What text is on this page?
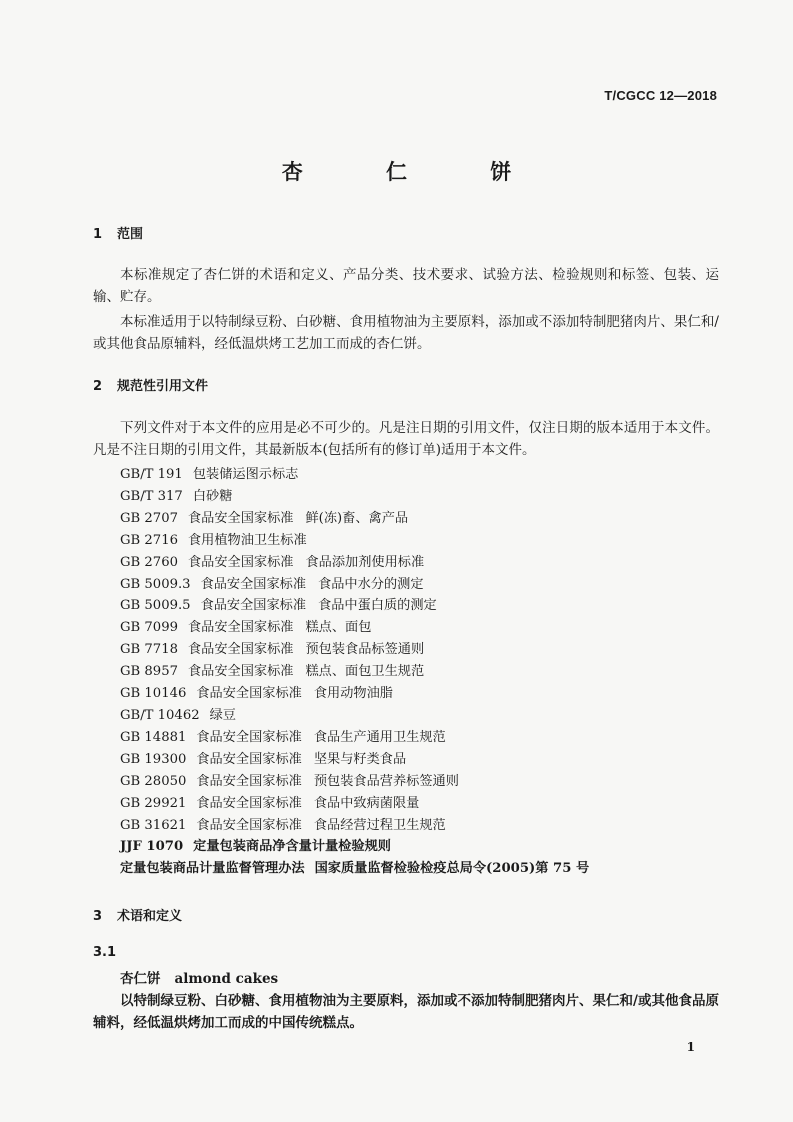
T/CGCC 12—2018
杏 仁 饼
1 范围

本标准规定了杏仁饼的术语和定义、产品分类、技术要求、试验方法、检验规则和标签、包装、运输、贮存。

本标准适用于以特制绿豆粉、白砂糖、食用植物油为主要原料，添加或不添加特制肥猪肉片、果仁和/或其他食品原辅料，经低温烘烤工艺加工而成的杏仁饼。

2 规范性引用文件

下列文件对于本文件的应用是必不可少的。凡是注日期的引用文件，仅注日期的版本适用于本文件。凡是不注日期的引用文件，其最新版本(包括所有的修订单)适用于本文件。

GB/T 191 包装储运图示标志
GB/T 317 白砂糖
GB 2707 食品安全国家标准 鲜(冻)畜、禽产品
GB 2716 食用植物油卫生标准
GB 2760 食品安全国家标准 食品添加剂使用标准
GB 5009.3 食品安全国家标准 食品中水分的测定
GB 5009.5 食品安全国家标准 食品中蛋白质的测定
GB 7099 食品安全国家标准 糕点、面包
GB 7718 食品安全国家标准 预包装食品标签通则
GB 8957 食品安全国家标准 糕点、面包卫生规范
GB 10146 食品安全国家标准 食用动物油脂
GB/T 10462 绿豆
GB 14881 食品安全国家标准 食品生产通用卫生规范
GB 19300 食品安全国家标准 坚果与籽类食品
GB 28050 食品安全国家标准 预包装食品营养标签通则
GB 29921 食品安全国家标准 食品中致病菌限量
GB 31621 食品安全国家标准 食品经营过程卫生规范
JJF 1070 定量包装商品净含量计量检验规则
定量包装商品计量监督管理办法 国家质量监督检验检疫总局令(2005)第 75 号
3 术语和定义
3.1
杏仁饼 almond cakes

以特制绿豆粉、白砂糖、食用植物油为主要原料，添加或不添加特制肥猪肉片、果仁和/或其他食品原辅料，经低温烘烤加工而成的中国传统糕点。

1
